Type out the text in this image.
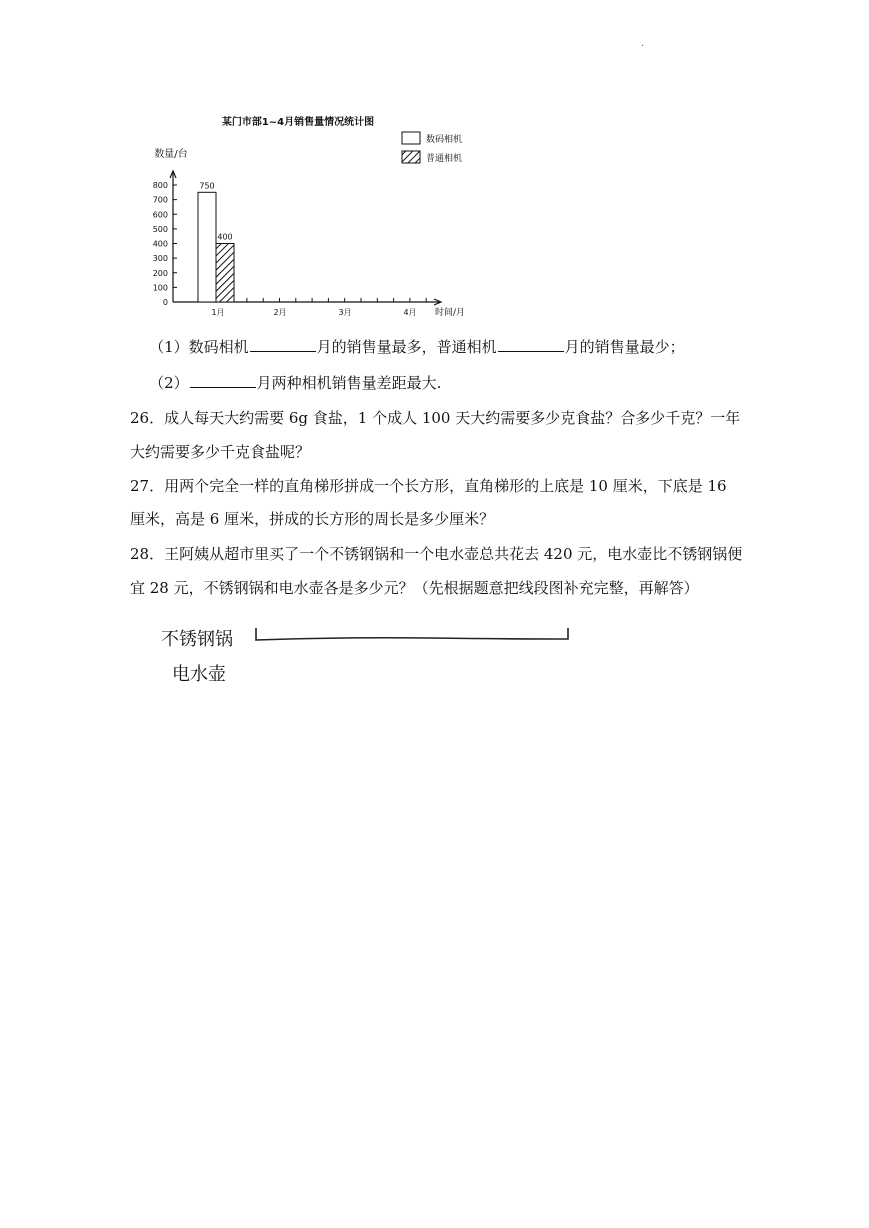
.
某门市部1~4月销售量情况统计图
数量/台
时间/月
数码相机
普通相机
0
100
200
300
400
500
600
700
800
1月	2月	3月	4月
750
400
（1）数码相机	月的销售量最多，普通相机	月的销售量最少；
（2）	月两种相机销售量差距最大.
26．成人每天大约需要 6g 食盐，1 个成人 100 天大约需要多少克食盐？合多少千克？一年
大约需要多少千克食盐呢？
27．用两个完全一样的直角梯形拼成一个长方形，直角梯形的上底是 10 厘米，下底是 16
厘米，高是 6 厘米，拼成的长方形的周长是多少厘米？
28．王阿姨从超市里买了一个不锈钢锅和一个电水壶总共花去 420 元，电水壶比不锈钢锅便
宜 28 元，不锈钢锅和电水壶各是多少元？（先根据题意把线段图补充完整，再解答）
不锈钢锅
电水壶
